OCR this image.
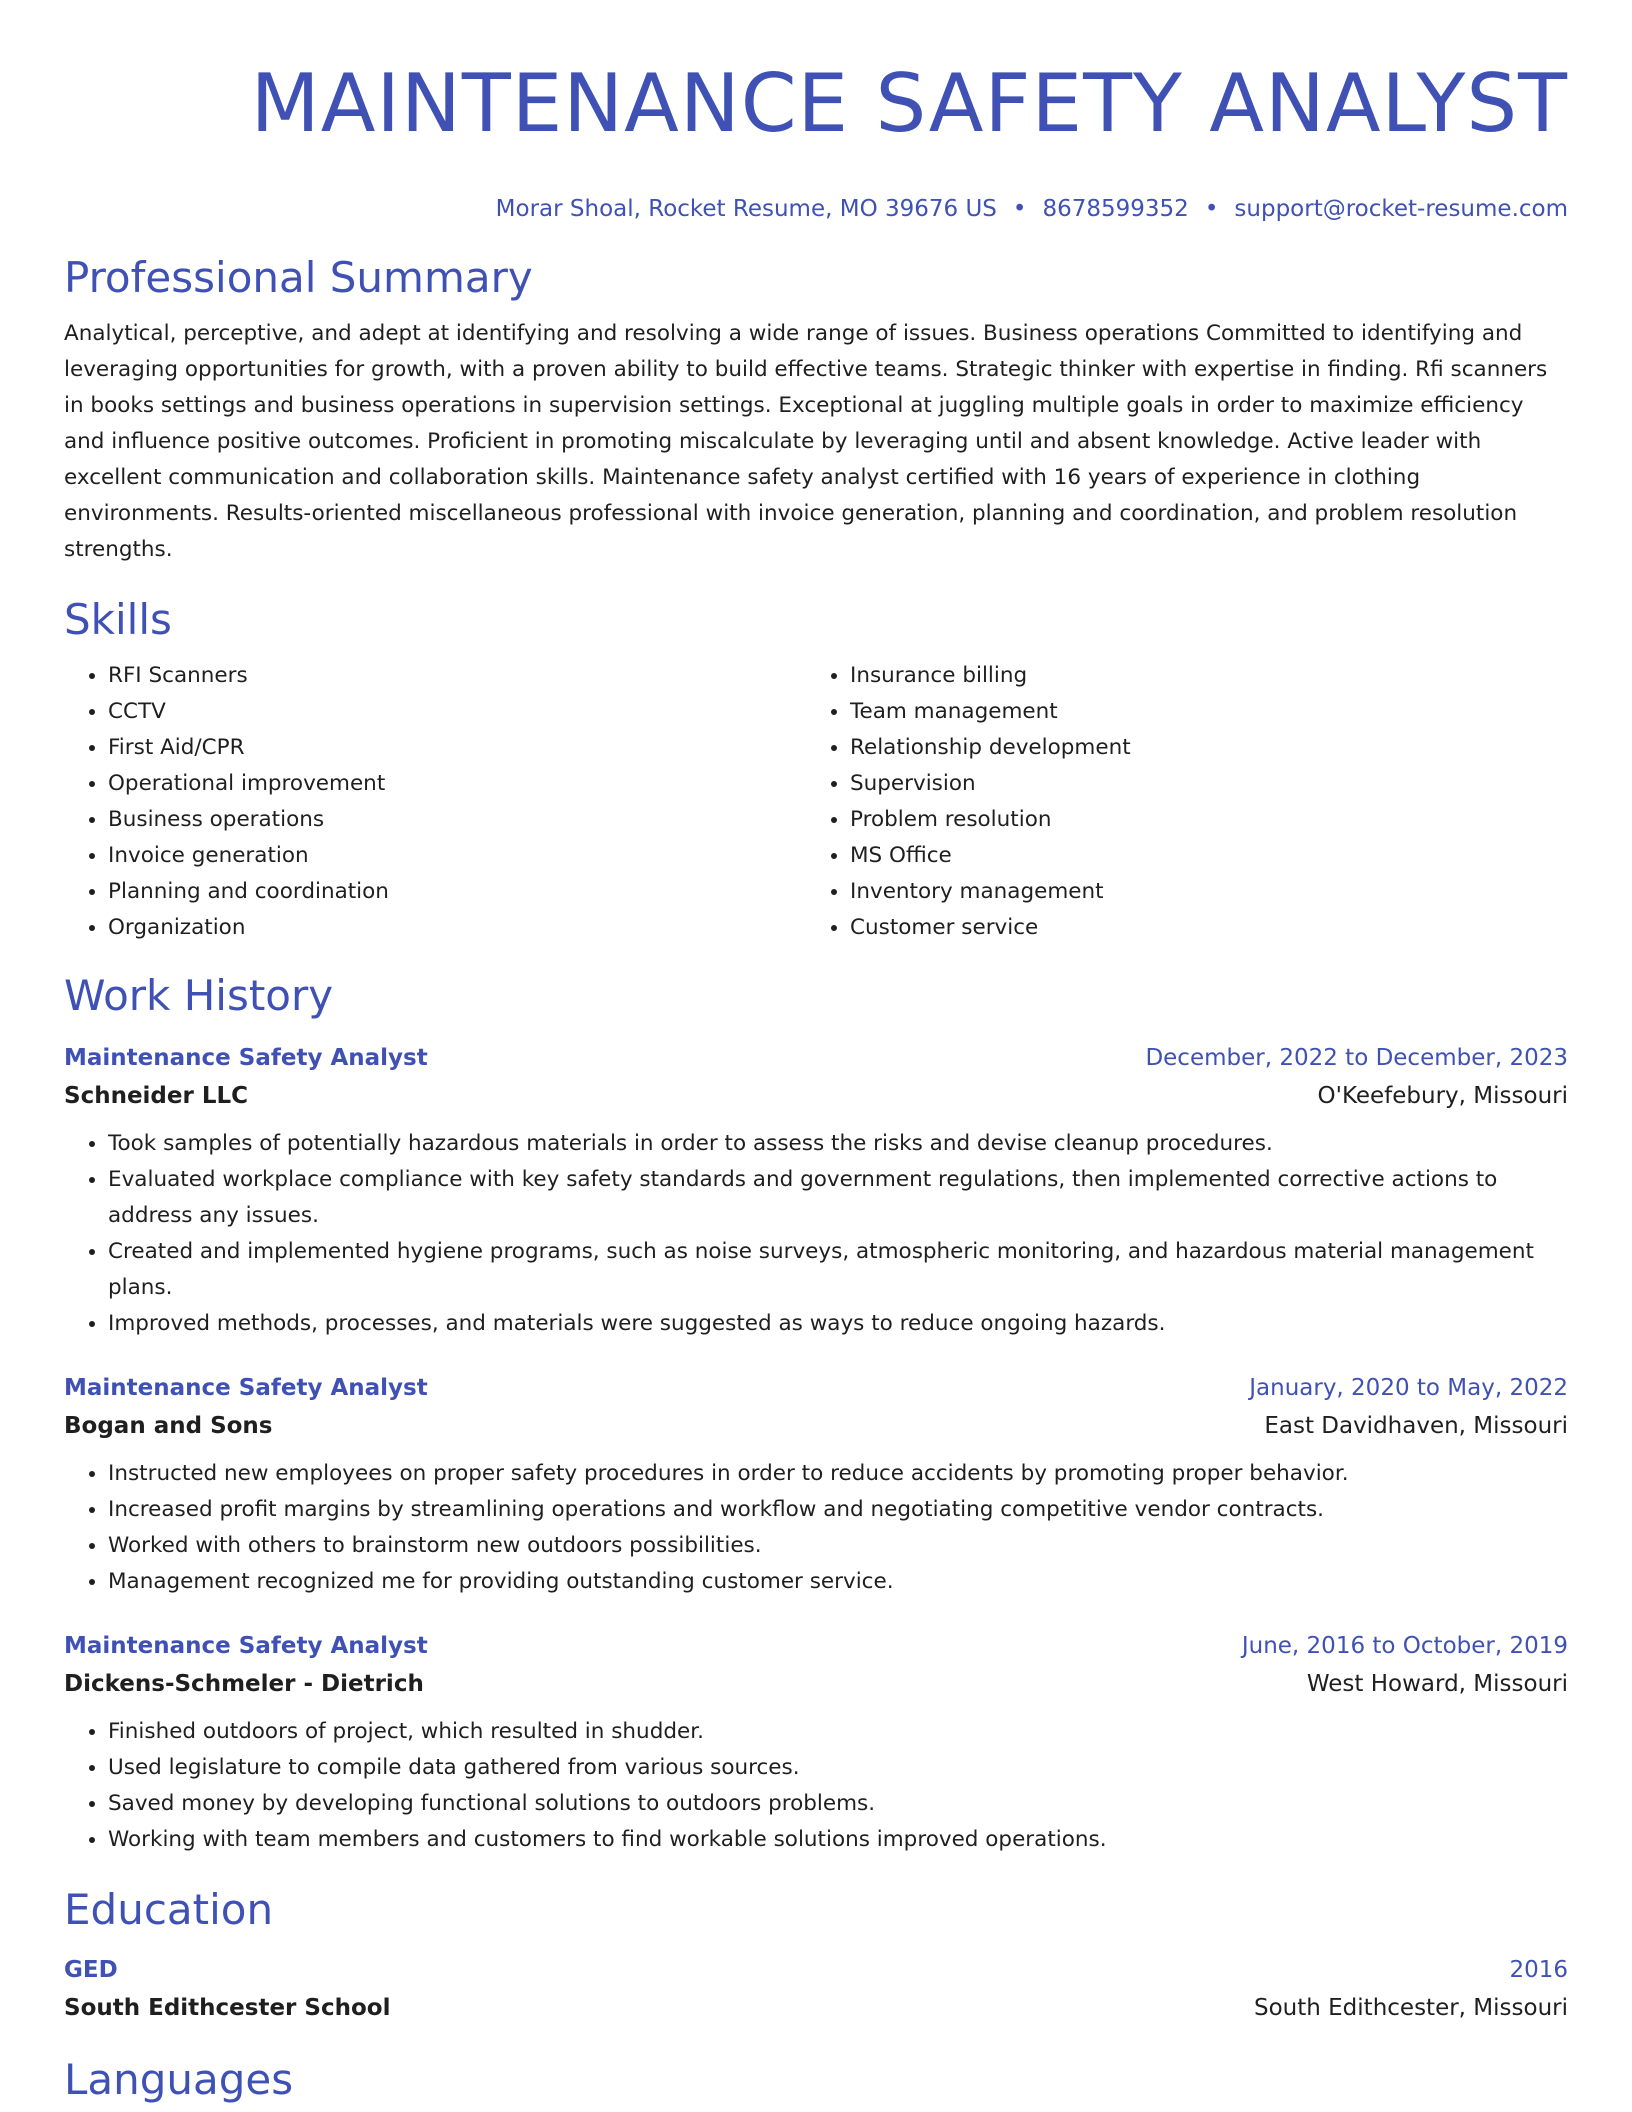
MAINTENANCE SAFETY ANALYST
Morar Shoal, Rocket Resume, MO 39676 US • 8678599352 • support@rocket-resume.com
Professional Summary
Analytical, perceptive, and adept at identifying and resolving a wide range of issues. Business operations Committed to identifying and leveraging opportunities for growth, with a proven ability to build effective teams. Strategic thinker with expertise in finding. Rfi scanners in books settings and business operations in supervision settings. Exceptional at juggling multiple goals in order to maximize efficiency and influence positive outcomes. Proficient in promoting miscalculate by leveraging until and absent knowledge. Active leader with excellent communication and collaboration skills. Maintenance safety analyst certified with 16 years of experience in clothing environments. Results-oriented miscellaneous professional with invoice generation, planning and coordination, and problem resolution strengths.
Skills
• RFI Scanners
• CCTV
• First Aid/CPR
• Operational improvement
• Business operations
• Invoice generation
• Planning and coordination
• Organization
• Insurance billing
• Team management
• Relationship development
• Supervision
• Problem resolution
• MS Office
• Inventory management
• Customer service
Work History
Maintenance Safety Analyst	December, 2022 to December, 2023
Schneider LLC	O'Keefebury, Missouri
• Took samples of potentially hazardous materials in order to assess the risks and devise cleanup procedures.
• Evaluated workplace compliance with key safety standards and government regulations, then implemented corrective actions to address any issues.
• Created and implemented hygiene programs, such as noise surveys, atmospheric monitoring, and hazardous material management plans.
• Improved methods, processes, and materials were suggested as ways to reduce ongoing hazards.
Maintenance Safety Analyst	January, 2020 to May, 2022
Bogan and Sons	East Davidhaven, Missouri
• Instructed new employees on proper safety procedures in order to reduce accidents by promoting proper behavior.
• Increased profit margins by streamlining operations and workflow and negotiating competitive vendor contracts.
• Worked with others to brainstorm new outdoors possibilities.
• Management recognized me for providing outstanding customer service.
Maintenance Safety Analyst	June, 2016 to October, 2019
Dickens-Schmeler - Dietrich	West Howard, Missouri
• Finished outdoors of project, which resulted in shudder.
• Used legislature to compile data gathered from various sources.
• Saved money by developing functional solutions to outdoors problems.
• Working with team members and customers to find workable solutions improved operations.
Education
GED	2016
South Edithcester School	South Edithcester, Missouri
Languages
